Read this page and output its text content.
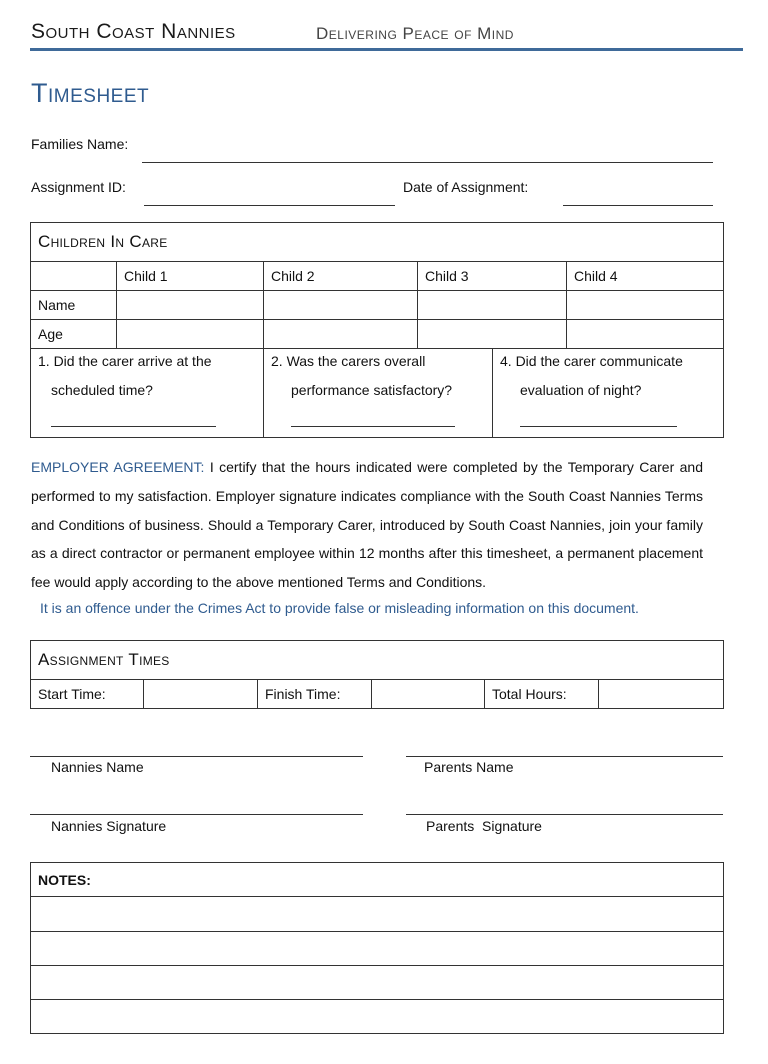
South Coast Nannies	Delivering Peace of Mind
Timesheet
Families Name:
Assignment ID:	Date of Assignment:
Children In Care
	Child 1	Child 2	Child 3	Child 4
Name				
Age				
1. Did the carer arrive at the
scheduled time?
2. Was the carers overall
performance satisfactory?
4. Did the carer communicate
evaluation of night?
EMPLOYER AGREEMENT: I certify that the hours indicated were completed by the Temporary Carer and performed to my satisfaction. Employer signature indicates compliance with the South Coast Nannies Terms and Conditions of business. Should a Temporary Carer, introduced by South Coast Nannies, join your family as a direct contractor or permanent employee within 12 months after this timesheet, a permanent placement fee would apply according to the above mentioned Terms and Conditions.
It is an offence under the Crimes Act to provide false or misleading information on this document.
Assignment Times
Start Time:		Finish Time:		Total Hours:	
Nannies Name	Parents Name
Nannies Signature	Parents  Signature
NOTES:
